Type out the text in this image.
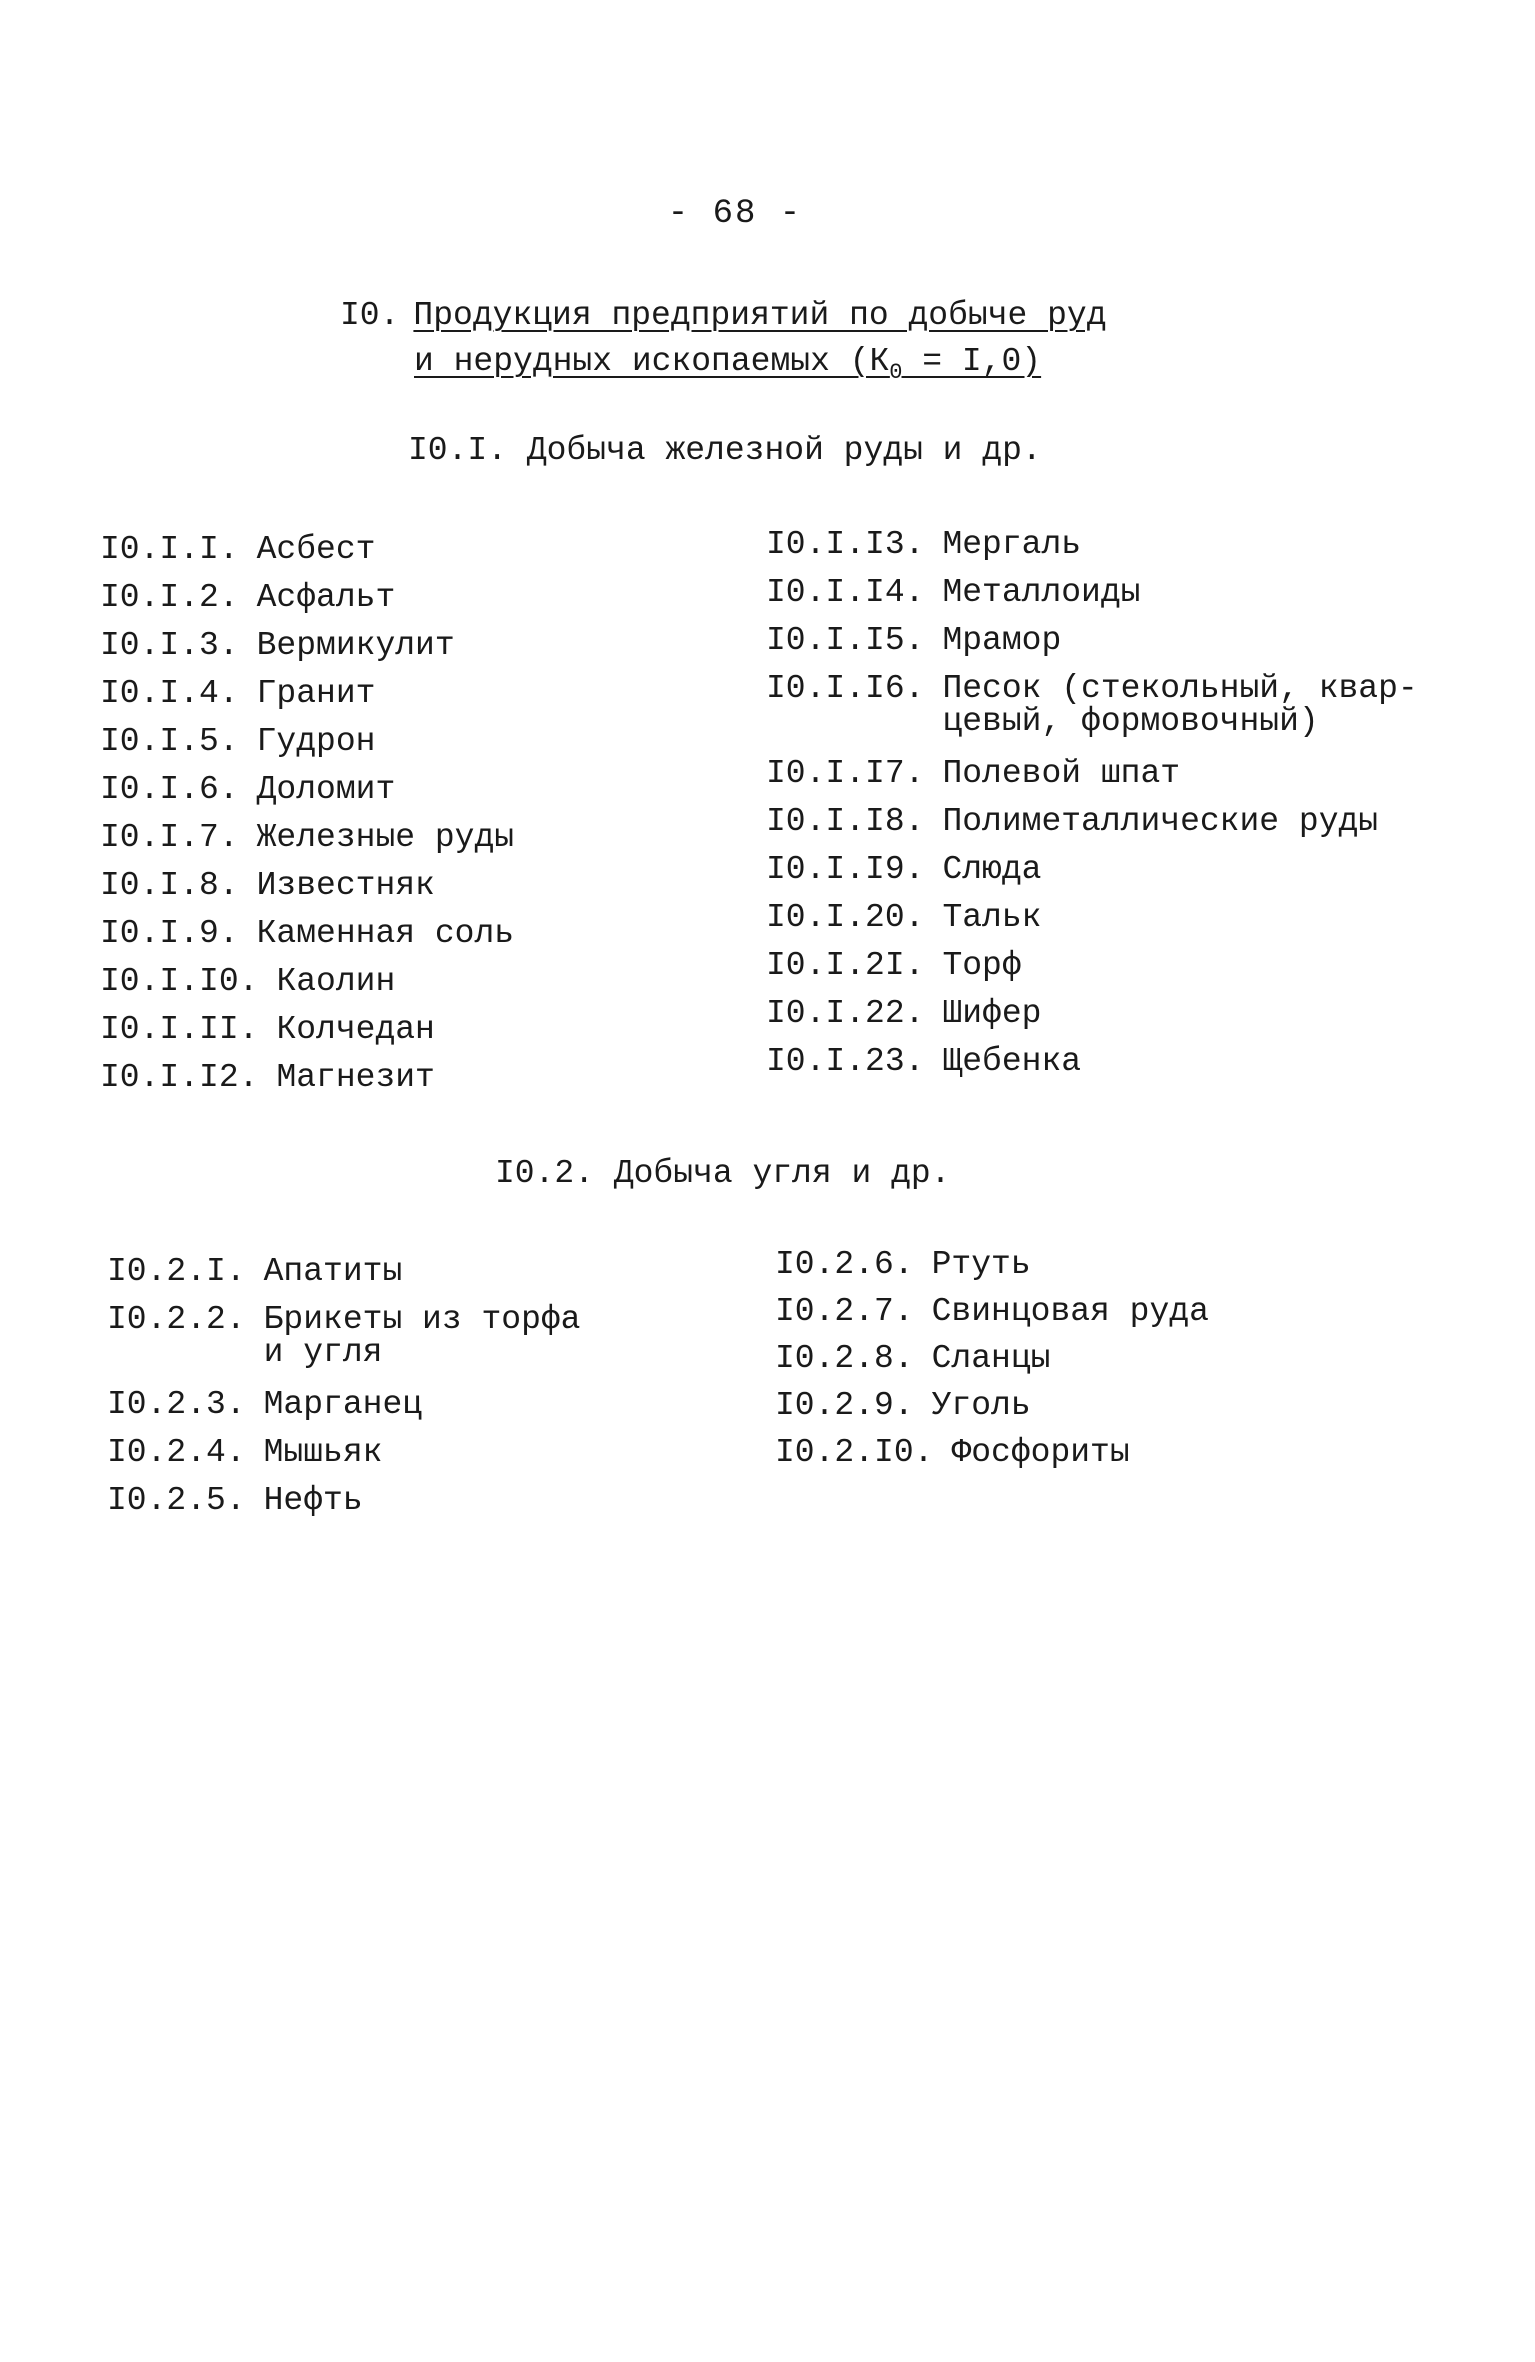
- 68 -
I0. Продукция предприятий по добыче руд
и нерудных ископаемых $(К_0 = I,0)$
I0.I. Добыча железной руды и др.
I0.I.I. Асбест
I0.I.2. Асфальт
I0.I.3. Вермикулит
I0.I.4. Гранит
I0.I.5. Гудрон
I0.I.6. Доломит
I0.I.7. Железные руды
I0.I.8. Известняк
I0.I.9. Каменная соль
I0.I.I0. Каолин
I0.I.II. Колчедан
I0.I.I2. Магнезит
I0.I.I3. Мергаль
I0.I.I4. Металлоиды
I0.I.I5. Мрамор
I0.I.I6. Песок (стекольный, квар-
цевый, формовочный)
I0.I.I7. Полевой шпат
I0.I.I8. Полиметаллические руды
I0.I.I9. Слюда
I0.I.20. Тальк
I0.I.2I. Торф
I0.I.22. Шифер
I0.I.23. Щебенка
I0.2. Добыча угля и др.
I0.2.I. Апатиты
I0.2.2. Брикеты из торфа
и угля
I0.2.3. Марганец
I0.2.4. Мышьяк
I0.2.5. Нефть
I0.2.6. Ртуть
I0.2.7. Свинцовая руда
I0.2.8. Сланцы
I0.2.9. Уголь
I0.2.I0. Фосфориты
